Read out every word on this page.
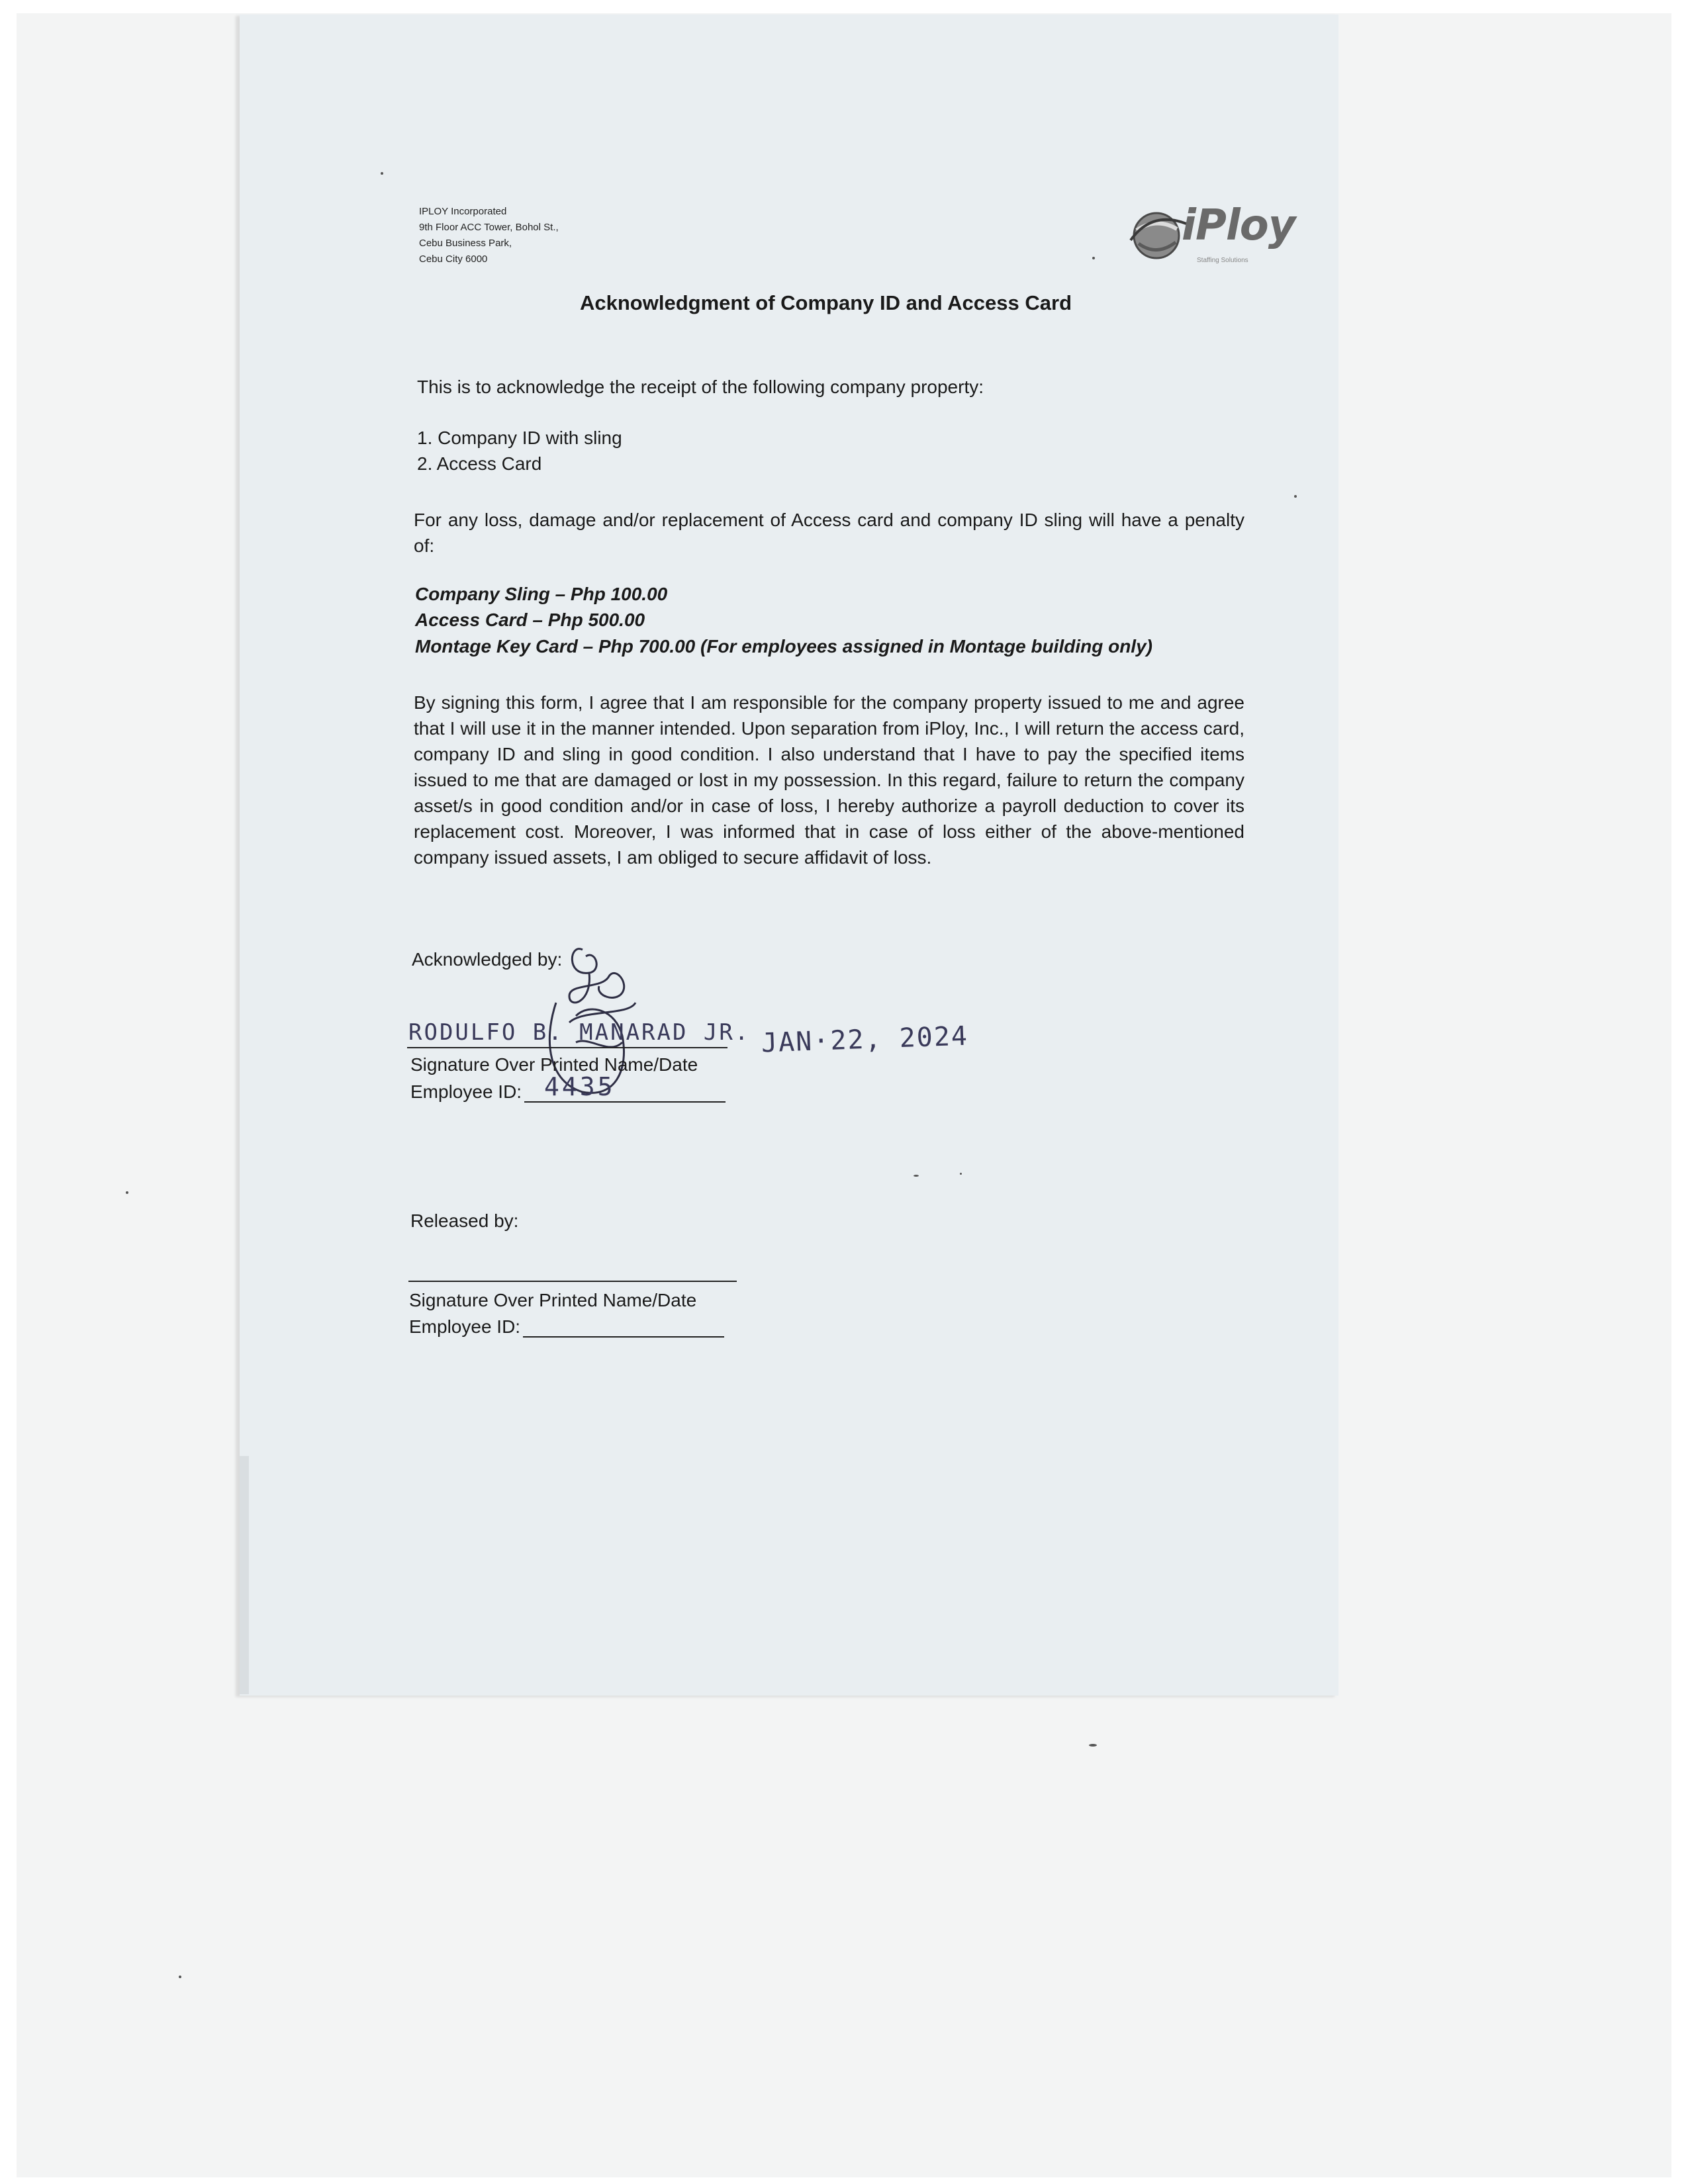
IPLOY Incorporated
9th Floor ACC Tower, Bohol St.,
Cebu Business Park,
Cebu City 6000
iPloy
Staffing Solutions
Acknowledgment of Company ID and Access Card
This is to acknowledge the receipt of the following company property:
1. Company ID with sling
2. Access Card
For any loss, damage and/or replacement of Access card and company ID sling will have a penalty of:
Company Sling – Php 100.00
Access Card – Php 500.00
Montage Key Card – Php 700.00 (For employees assigned in Montage building only)
By signing this form, I agree that I am responsible for the company property issued to me and agree that I will use it in the manner intended. Upon separation from iPloy, Inc., I will return the access card, company ID and sling in good condition. I also understand that I have to pay the specified items issued to me that are damaged or lost in my possession. In this regard, failure to return the company asset/s in good condition and/or in case of loss, I hereby authorize a payroll deduction to cover its replacement cost. Moreover, I was informed that in case of loss either of the above-mentioned company issued assets, I am obliged to secure affidavit of loss.
Acknowledged by:
RODULFO B. MANARAD JR. JAN·22, 2024
Signature Over Printed Name/Date
Employee ID: 4435
Released by:
Signature Over Printed Name/Date
Employee ID:
